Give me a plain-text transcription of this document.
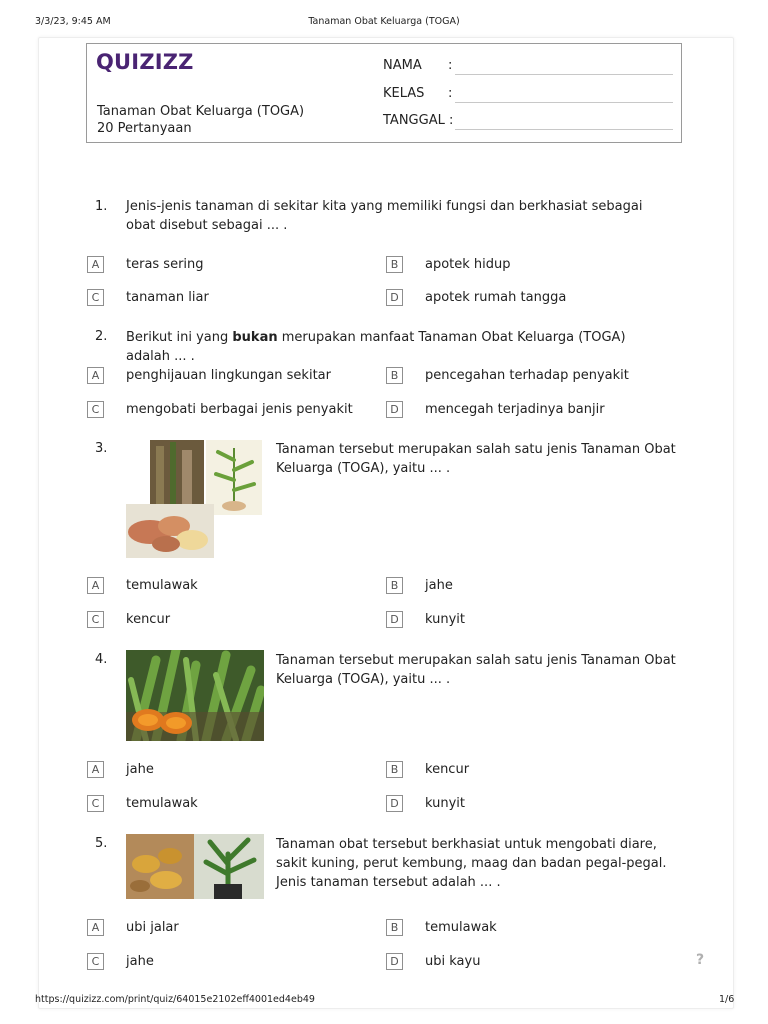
3/3/23, 9:45 AM	Tanaman Obat Keluarga (TOGA)
QUIZIZZ
Tanaman Obat Keluarga (TOGA)
20 Pertanyaan
NAMA :
KELAS :
TANGGAL :
1. Jenis-jenis tanaman di sekitar kita yang memiliki fungsi dan berkhasiat sebagai obat disebut sebagai ... .
A	teras sering	B	apotek hidup
C	tanaman liar	D	apotek rumah tangga
2. Berikut ini yang bukan merupakan manfaat Tanaman Obat Keluarga (TOGA) adalah ... .
A	penghijauan lingkungan sekitar	B	pencegahan terhadap penyakit
C	mengobati berbagai jenis penyakit	D	mencegah terjadinya banjir
3.	Tanaman tersebut merupakan salah satu jenis Tanaman Obat Keluarga (TOGA), yaitu ... .
A	temulawak	B	jahe
C	kencur	D	kunyit
4.	Tanaman tersebut merupakan salah satu jenis Tanaman Obat Keluarga (TOGA), yaitu ... .
A	jahe	B	kencur
C	temulawak	D	kunyit
5.	Tanaman obat tersebut berkhasiat untuk mengobati diare, sakit kuning, perut kembung, maag dan badan pegal-pegal. Jenis tanaman tersebut adalah ... .
A	ubi jalar	B	temulawak
C	jahe	D	ubi kayu	?
https://quizizz.com/print/quiz/64015e2102eff4001ed4eb49	1/6
